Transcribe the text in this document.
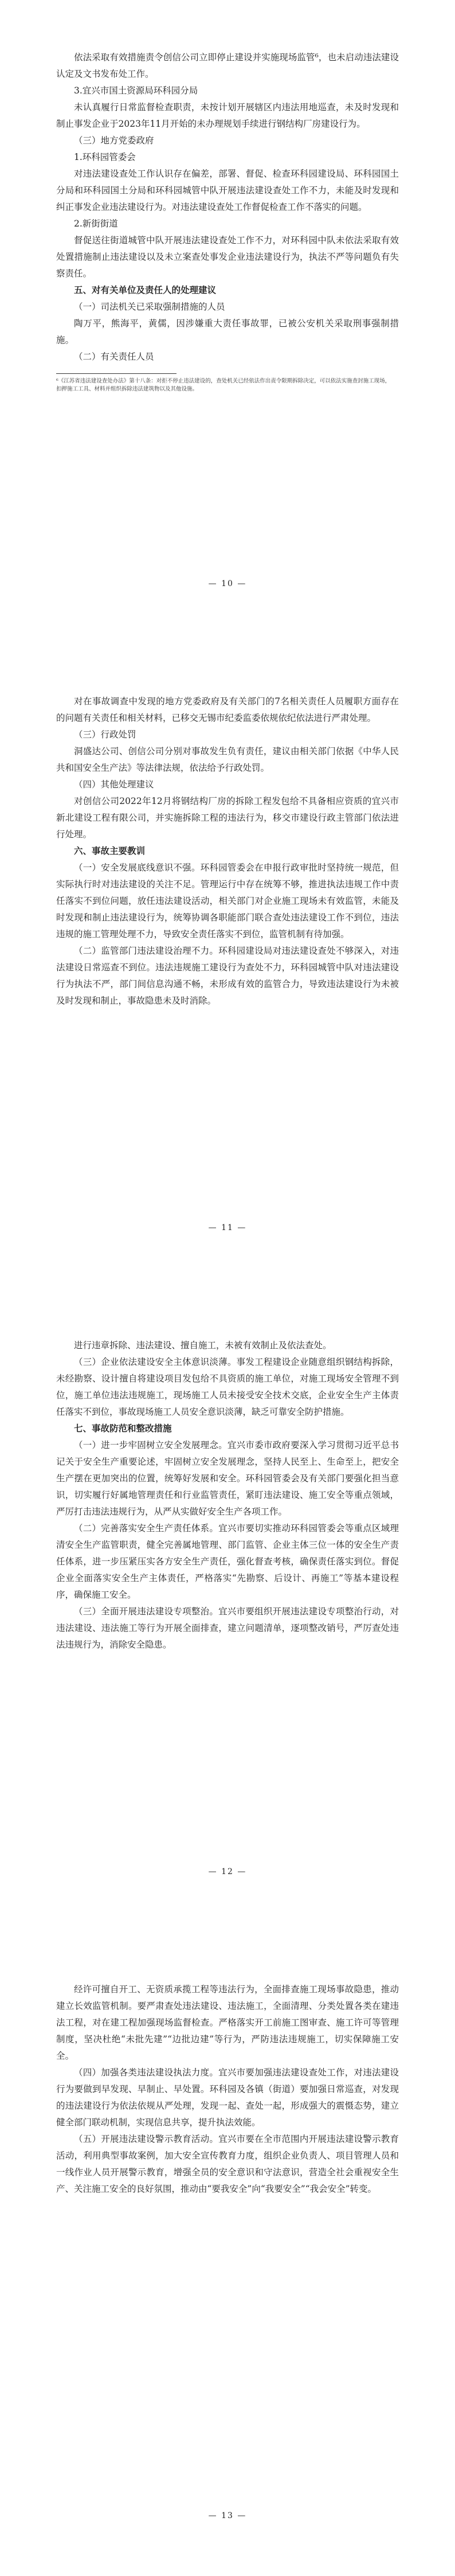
依法采取有效措施责令创信公司立即停止建设并实施现场监管⁶，也未启动违法建设认定及文书发布处工作。

3.宜兴市国土资源局环科园分局

未认真履行日常监督检查职责，未按计划开展辖区内违法用地巡查，未及时发现和制止事发企业于2023年11月开始的未办理规划手续进行钢结构厂房建设行为。

（三）地方党委政府

1.环科园管委会

对违法建设查处工作认识存在偏差，部署、督促、检查环科园建设局、环科园国土分局和环科园国土分局和环科园城管中队开展违法建设查处工作不力，未能及时发现和纠正事发企业违法建设行为。对违法建设查处工作督促检查工作不落实的问题。

2.新街街道

督促送往街道城管中队开展违法建设查处工作不力，对环科园中队未依法采取有效处置措施制止违法建设以及未立案查处事发企业违法建设行为，执法不严等问题负有失察责任。

五、对有关单位及责任人的处理建议

（一）司法机关已采取强制措施的人员

陶万平，熊海平，黄儒，因涉嫌重大责任事故罪，已被公安机关采取刑事强制措施。

（二）有关责任人员

⁶《江苏省违法建设查处办法》第十八条：对拒不停止违法建设的，查处机关已经依法作出责令限期拆除决定，可以依法实施查封施工现场，

扣押施工工具、材料并组织拆除违法建筑物以及其他设施。

— 10 —

对在事故调查中发现的地方党委政府及有关部门的7名相关责任人员履职方面存在的问题有关责任和相关材料，已移交无锡市纪委监委依规依纪依法进行严肃处理。

（三）行政处罚

洞盛达公司、创信公司分别对事故发生负有责任，建议由相关部门依据《中华人民共和国安全生产法》等法律法规，依法给予行政处罚。

（四）其他处理建议

对创信公司2022年12月将钢结构厂房的拆除工程发包给不具备相应资质的宜兴市新北建设工程有限公司，并实施拆除工程的违法行为，移交市建设行政主管部门依法进行处理。

六、事故主要教训

（一）安全发展底线意识不强。环科园管委会在申报行政审批时坚持统一规范，但实际执行时对违法建设的关注不足。管理运行中存在统筹不够，推进执法违规工作中责任落实不到位问题，放任违法建设活动，相关部门对企业施工现场未有效监管，未能及时发现和制止违法建设行为，统筹协调各职能部门联合查处违法建设工作不到位，违法违规的施工管理处理不力，导致安全责任落实不到位，监管机制有待加强。

（二）监管部门违法建设治理不力。环科园建设局对违法建设查处不够深入，对违法建设日常巡查不到位。违法违规施工建设行为查处不力，环科园城管中队对违法建设行为执法不严，部门间信息沟通不畅，未形成有效的监管合力，导致违法建设行为未被及时发现和制止，事故隐患未及时消除。

— 11 —

进行违章拆除、违法建设、擅自施工，未被有效制止及依法查处。

（三）企业依法建设安全主体意识淡薄。事发工程建设企业随意组织钢结构拆除，未经勘察、设计擅自将建设项目发包给不具资质的施工单位，对施工现场安全管理不到位，施工单位违法违规施工，现场施工人员未接受安全技术交底，企业安全生产主体责任落实不到位，事故现场施工人员安全意识淡薄，缺乏可靠安全防护措施。

七、事故防范和整改措施

（一）进一步牢固树立安全发展理念。宜兴市委市政府要深入学习贯彻习近平总书记关于安全生产重要论述，牢固树立安全发展理念，坚持人民至上、生命至上，把安全生产摆在更加突出的位置，统筹好发展和安全。环科园管委会及有关部门要强化担当意识，切实履行好属地管理责任和行业监管责任，紧盯违法建设、施工安全等重点领域，严厉打击违法违规行为，从严从实做好安全生产各项工作。

（二）完善落实安全生产责任体系。宜兴市要切实推动环科园管委会等重点区域理清安全生产监管职责，健全完善属地管理、部门监管、企业主体三位一体的安全生产责任体系，进一步压紧压实各方安全生产责任，强化督查考核，确保责任落实到位。督促企业全面落实安全生产主体责任，严格落实“先勘察、后设计、再施工”等基本建设程序，确保施工安全。

（三）全面开展违法建设专项整治。宜兴市要组织开展违法建设专项整治行动，对违法建设、违法施工等行为开展全面排查，建立问题清单，逐项整改销号，严厉查处违法违规行为，消除安全隐患。

— 12 —

经许可擅自开工、无资质承揽工程等违法行为，全面排查施工现场事故隐患，推动建立长效监管机制。要严肃查处违法建设、违法施工，全面清理、分类处置各类在建违法工程，对在建工程加强现场监督检查。严格落实开工前施工图审查、施工许可等管理制度，坚决杜绝“未批先建”“边批边建”等行为，严防违法违规施工，切实保障施工安全。

（四）加强各类违法建设执法力度。宜兴市要加强违法建设查处工作，对违法建设行为要做到早发现、早制止、早处置。环科园及各镇（街道）要加强日常巡查，对发现的违法建设行为依法依规从严处理，发现一起、查处一起，形成强大的震慑态势，建立健全部门联动机制，实现信息共享，提升执法效能。

（五）开展违法建设警示教育活动。宜兴市要在全市范围内开展违法建设警示教育活动，利用典型事故案例，加大安全宣传教育力度，组织企业负责人、项目管理人员和一线作业人员开展警示教育，增强全员的安全意识和守法意识，营造全社会重视安全生产、关注施工安全的良好氛围，推动由“要我安全”向“我要安全”“我会安全”转变。

— 13 —
